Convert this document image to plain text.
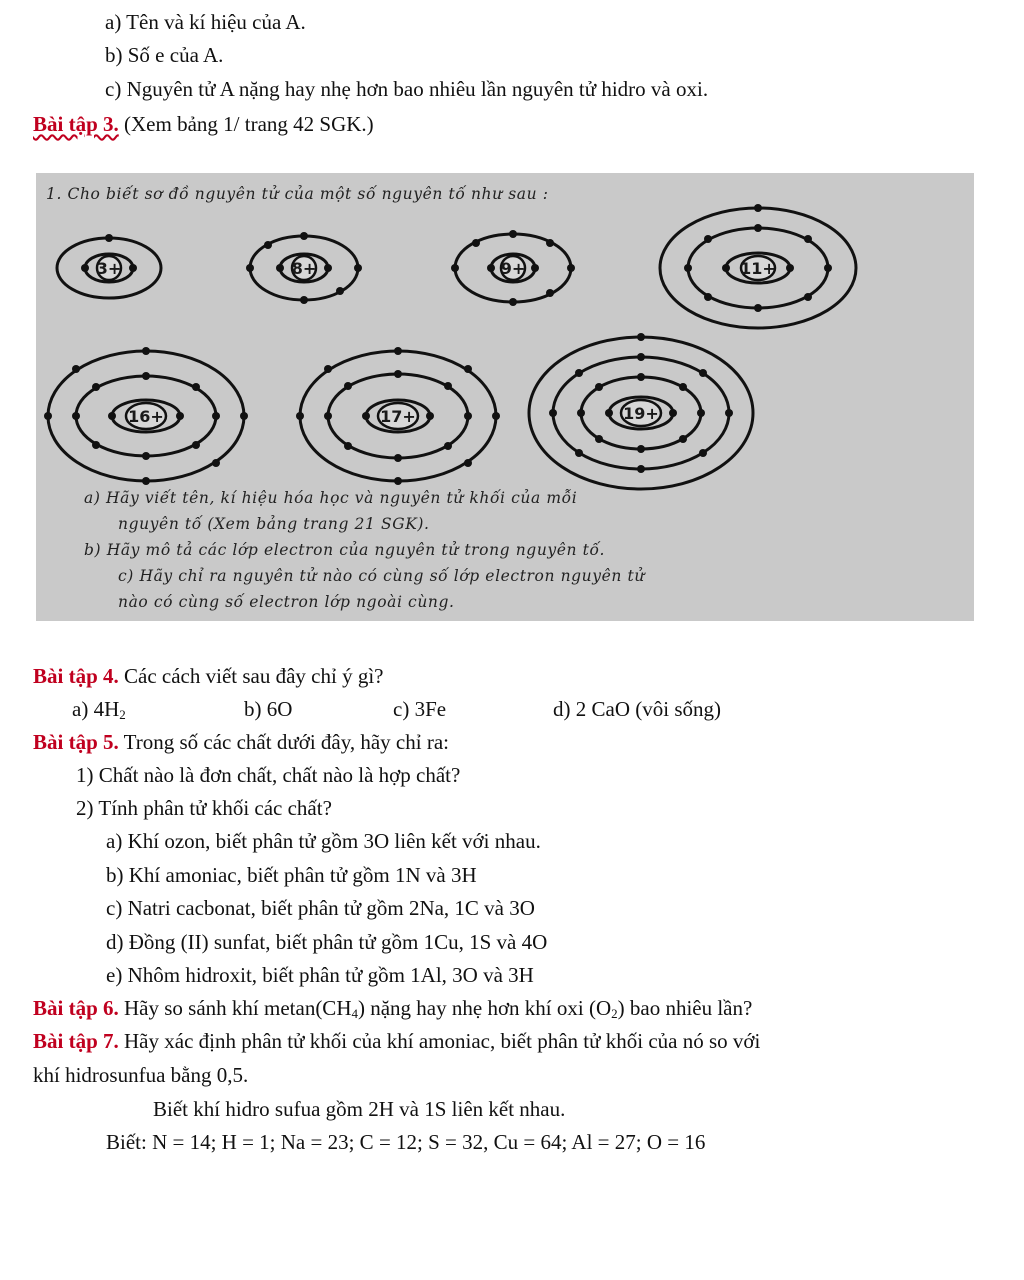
a) Tên và kí hiệu của A.
b) Số e của A.
c) Nguyên tử A nặng hay nhẹ hơn bao nhiêu lần nguyên tử hidro và oxi.
Bài tập 3. (Xem bảng 1/ trang 42 SGK.)
3+	8+	9+	11+
16+	17+	19+
1. Cho biết sơ đồ nguyên tử của một số nguyên tố như sau :
a) Hãy viết tên, kí hiệu hóa học và nguyên tử khối của mỗi
nguyên tố (Xem bảng trang 21 SGK).
b) Hãy mô tả các lớp electron của nguyên tử trong nguyên tố.
c) Hãy chỉ ra nguyên tử nào có cùng số lớp electron nguyên tử
nào có cùng số electron lớp ngoài cùng.
Bài tập 4. Các cách viết sau đây chỉ ý gì?
a) $4H_2$	b) 6O	c) 3Fe	d) 2 CaO (vôi sống)
Bài tập 5. Trong số các chất dưới đây, hãy chỉ ra:
1) Chất nào là đơn chất, chất nào là hợp chất?
2) Tính phân tử khối các chất?
a) Khí ozon, biết phân tử gồm 3O liên kết với nhau.
b) Khí amoniac, biết phân tử gồm 1N và 3H
c) Natri cacbonat, biết phân tử gồm 2Na, 1C và 3O
d) Đồng (II) sunfat, biết phân tử gồm 1Cu, 1S và 4O
e) Nhôm hidroxit, biết phân tử gồm 1Al, 3O và 3H
Bài tập 6. Hãy so sánh khí $metan(CH_4)$ nặng hay nhẹ hơn khí oxi $(O_2)$ bao nhiêu lần?
Bài tập 7. Hãy xác định phân tử khối của khí amoniac, biết phân tử khối của nó so với
khí hidrosunfua bằng 0,5.
Biết khí hidro sufua gồm 2H và 1S liên kết nhau.
Biết: N = 14; H = 1; Na = 23; C = 12; S = 32, Cu = 64; Al = 27; O = 16
